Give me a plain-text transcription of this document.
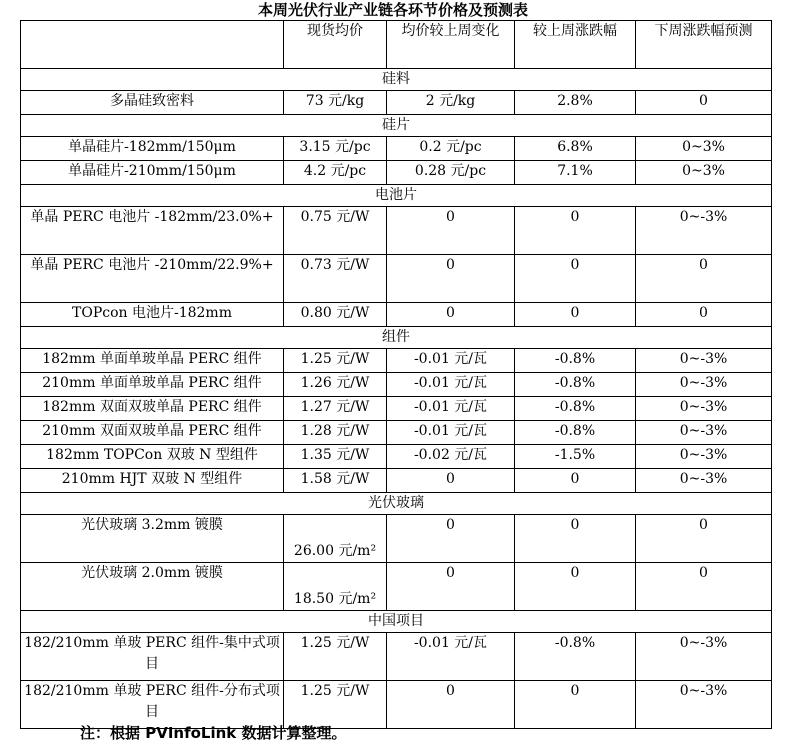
本周光伏行业产业链各环节价格及预测表
	现货均价	均价较上周变化	较上周涨跌幅	下周涨跌幅预测
硅料				
多晶硅致密料	73 元/kg	2 元/kg	2.8%	0
硅片				
单晶硅片-182mm/150μm	3.15 元/pc	0.2 元/pc	6.8%	0~3%
单晶硅片-210mm/150μm	4.2 元/pc	0.28 元/pc	7.1%	0~3%
电池片				
单晶 PERC 电池片 -182mm/23.0%+	0.75 元/W	0	0	0~-3%
单晶 PERC 电池片 -210mm/22.9%+	0.73 元/W	0	0	0
TOPcon 电池片-182mm	0.80 元/W	0	0	0
组件				
182mm 单面单玻单晶 PERC 组件	1.25 元/W	-0.01 元/瓦	-0.8%	0~-3%
210mm 单面单玻单晶 PERC 组件	1.26 元/W	-0.01 元/瓦	-0.8%	0~-3%
182mm 双面双玻单晶 PERC 组件	1.27 元/W	-0.01 元/瓦	-0.8%	0~-3%
210mm 双面双玻单晶 PERC 组件	1.28 元/W	-0.01 元/瓦	-0.8%	0~-3%
182mm TOPCon 双玻 N 型组件	1.35 元/W	-0.02 元/瓦	-1.5%	0~-3%
210mm HJT 双玻 N 型组件	1.58 元/W	0	0	0~-3%
光伏玻璃				
光伏玻璃 3.2mm 镀膜	26.00 元/m²	0	0	0
光伏玻璃 2.0mm 镀膜	18.50 元/m²	0	0	0
中国项目				
182/210mm 单玻 PERC 组件-集中式项目	1.25 元/W	-0.01 元/瓦	-0.8%	0~-3%
182/210mm 单玻 PERC 组件-分布式项目	1.25 元/W	0	0	0~-3%
注：根据 PVInfoLink 数据计算整理。
